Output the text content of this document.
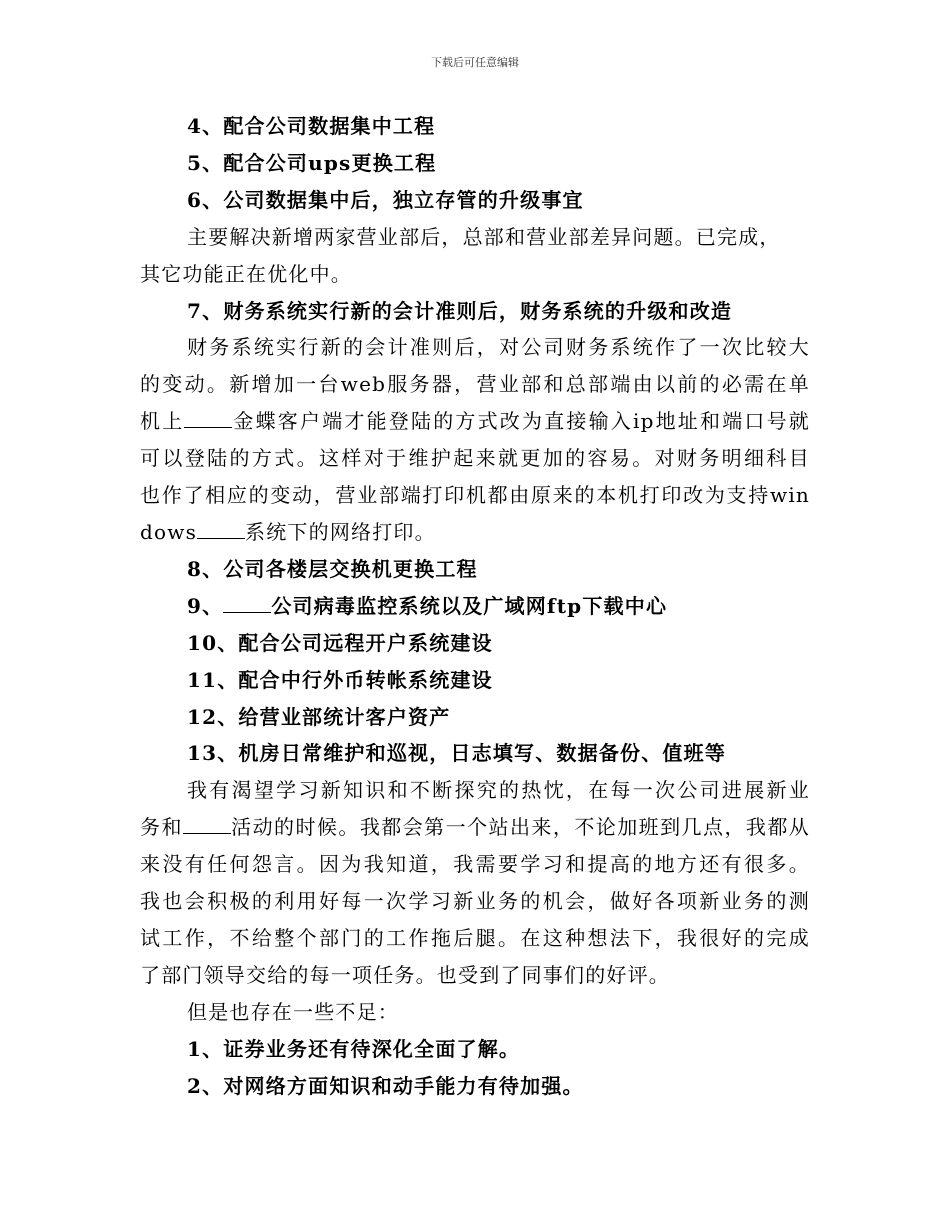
下载后可任意编辑
4、配合公司数据集中工程
5、配合公司ups更换工程
6、公司数据集中后，独立存管的升级事宜
主要解决新增两家营业部后，总部和营业部差异问题。已完成，
其它功能正在优化中。
7、财务系统实行新的会计准则后，财务系统的升级和改造
财务系统实行新的会计准则后，对公司财务系统作了一次比较大
的变动。新增加一台web服务器，营业部和总部端由以前的必需在单
机上 金蝶客户端才能登陆的方式改为直接输入ip地址和端口号就
可以登陆的方式。这样对于维护起来就更加的容易。对财务明细科目
也作了相应的变动，营业部端打印机都由原来的本机打印改为支持win
dows 系统下的网络打印。
8、公司各楼层交换机更换工程
9、 公司病毒监控系统以及广域网ftp下载中心
10、配合公司远程开户系统建设
11、配合中行外币转帐系统建设
12、给营业部统计客户资产
13、机房日常维护和巡视，日志填写、数据备份、值班等
我有渴望学习新知识和不断探究的热忱，在每一次公司进展新业
务和 活动的时候。我都会第一个站出来，不论加班到几点，我都从
来没有任何怨言。因为我知道，我需要学习和提高的地方还有很多。
我也会积极的利用好每一次学习新业务的机会，做好各项新业务的测
试工作，不给整个部门的工作拖后腿。在这种想法下，我很好的完成
了部门领导交给的每一项任务。也受到了同事们的好评。
但是也存在一些不足：
1、证券业务还有待深化全面了解。
2、对网络方面知识和动手能力有待加强。
